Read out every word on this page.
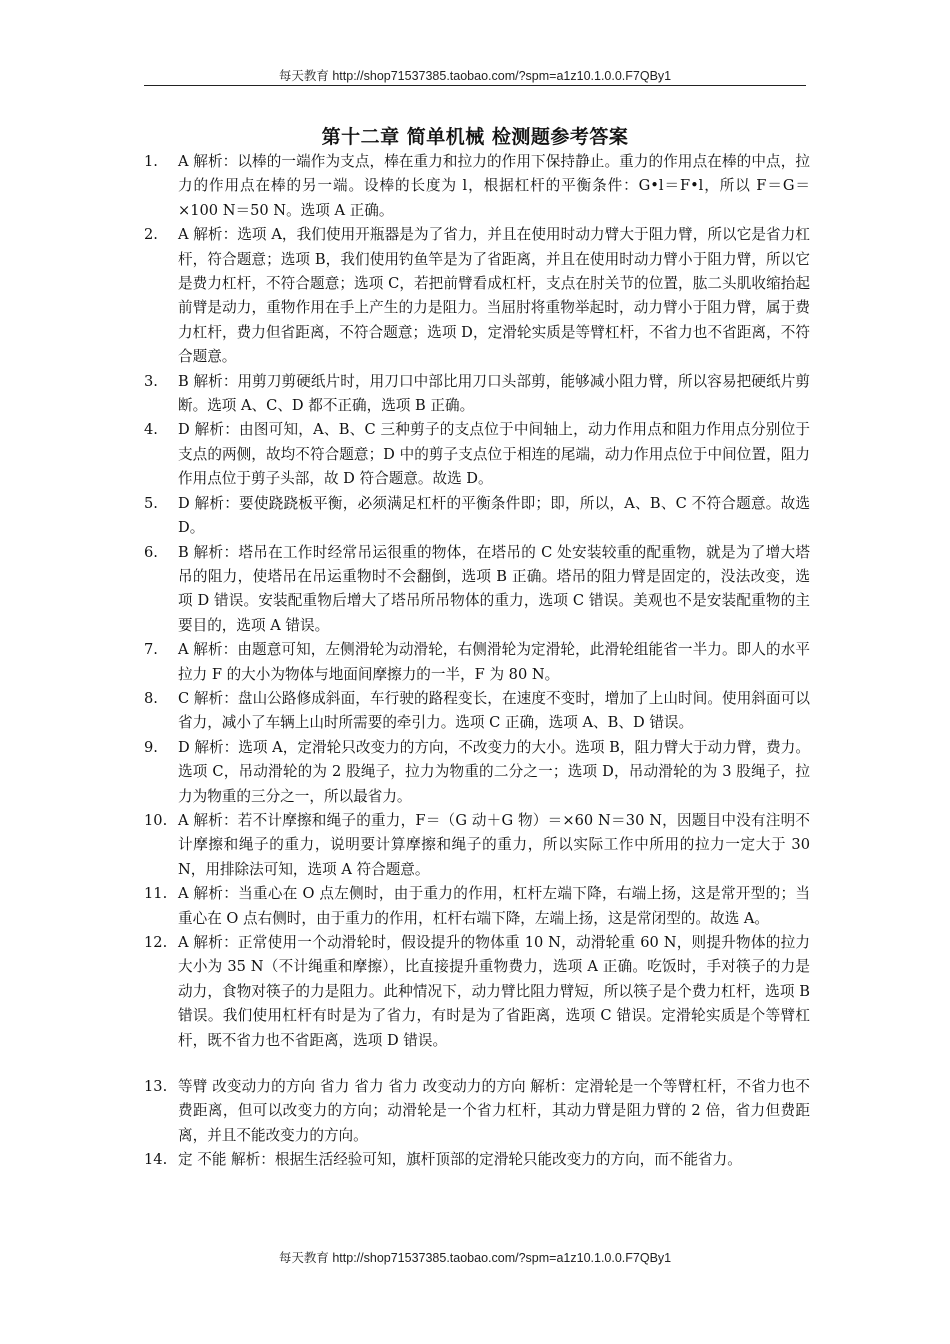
每天教育 http://shop71537385.taobao.com/?spm=a1z10.1.0.0.F7QBy1
第十二章 简单机械 检测题参考答案
1. A 解析：以棒的一端作为支点，棒在重力和拉力的作用下保持静止。重力的作用点在棒的中点，拉力的作用点在棒的另一端。设棒的长度为 l，根据杠杆的平衡条件：G•l＝F•l，所以 F＝G＝×100 N＝50 N。选项 A 正确。
2. A 解析：选项 A，我们使用开瓶器是为了省力，并且在使用时动力臂大于阻力臂，所以它是省力杠杆，符合题意；选项 B，我们使用钓鱼竿是为了省距离，并且在使用时动力臂小于阻力臂，所以它是费力杠杆，不符合题意；选项 C，若把前臂看成杠杆，支点在肘关节的位置，肱二头肌收缩抬起前臂是动力，重物作用在手上产生的力是阻力。当屈肘将重物举起时，动力臂小于阻力臂，属于费力杠杆，费力但省距离，不符合题意；选项 D，定滑轮实质是等臂杠杆，不省力也不省距离，不符合题意。
3. B 解析：用剪刀剪硬纸片时，用刀口中部比用刀口头部剪，能够减小阻力臂，所以容易把硬纸片剪断。选项 A、C、D 都不正确，选项 B 正确。
4. D 解析：由图可知，A、B、C 三种剪子的支点位于中间轴上，动力作用点和阻力作用点分别位于支点的两侧，故均不符合题意；D 中的剪子支点位于相连的尾端，动力作用点位于中间位置，阻力作用点位于剪子头部，故 D 符合题意。故选 D。
5. D 解析：要使跷跷板平衡，必须满足杠杆的平衡条件即；即，所以，A、B、C 不符合题意。故选 D。
6. B 解析：塔吊在工作时经常吊运很重的物体，在塔吊的 C 处安装较重的配重物，就是为了增大塔吊的阻力，使塔吊在吊运重物时不会翻倒，选项 B 正确。塔吊的阻力臂是固定的，没法改变，选项 D 错误。安装配重物后增大了塔吊所吊物体的重力，选项 C 错误。美观也不是安装配重物的主要目的，选项 A 错误。
7. A 解析：由题意可知，左侧滑轮为动滑轮，右侧滑轮为定滑轮，此滑轮组能省一半力。即人的水平拉力 F 的大小为物体与地面间摩擦力的一半，F 为 80 N。
8. C 解析：盘山公路修成斜面，车行驶的路程变长，在速度不变时，增加了上山时间。使用斜面可以省力，减小了车辆上山时所需要的牵引力。选项 C 正确，选项 A、B、D 错误。
9. D 解析：选项 A，定滑轮只改变力的方向，不改变力的大小。选项 B，阻力臂大于动力臂，费力。选项 C，吊动滑轮的为 2 股绳子，拉力为物重的二分之一；选项 D，吊动滑轮的为 3 股绳子，拉力为物重的三分之一，所以最省力。
10. A 解析：若不计摩擦和绳子的重力，F＝（G 动＋G 物）＝×60 N＝30 N，因题目中没有注明不计摩擦和绳子的重力，说明要计算摩擦和绳子的重力，所以实际工作中所用的拉力一定大于 30 N，用排除法可知，选项 A 符合题意。
11. A 解析：当重心在 O 点左侧时，由于重力的作用，杠杆左端下降，右端上扬，这是常开型的；当重心在 O 点右侧时，由于重力的作用，杠杆右端下降，左端上扬，这是常闭型的。故选 A。
12. A 解析：正常使用一个动滑轮时，假设提升的物体重 10 N，动滑轮重 60 N，则提升物体的拉力大小为 35 N（不计绳重和摩擦），比直接提升重物费力，选项 A 正确。吃饭时，手对筷子的力是动力，食物对筷子的力是阻力。此种情况下，动力臂比阻力臂短，所以筷子是个费力杠杆，选项 B 错误。我们使用杠杆有时是为了省力，有时是为了省距离，选项 C 错误。定滑轮实质是个等臂杠杆，既不省力也不省距离，选项 D 错误。
13. 等臂 改变动力的方向 省力 省力 省力 改变动力的方向 解析：定滑轮是一个等臂杠杆，不省力也不费距离，但可以改变力的方向；动滑轮是一个省力杠杆，其动力臂是阻力臂的 2 倍，省力但费距离，并且不能改变力的方向。
14. 定 不能 解析：根据生活经验可知，旗杆顶部的定滑轮只能改变力的方向，而不能省力。
每天教育 http://shop71537385.taobao.com/?spm=a1z10.1.0.0.F7QBy1
